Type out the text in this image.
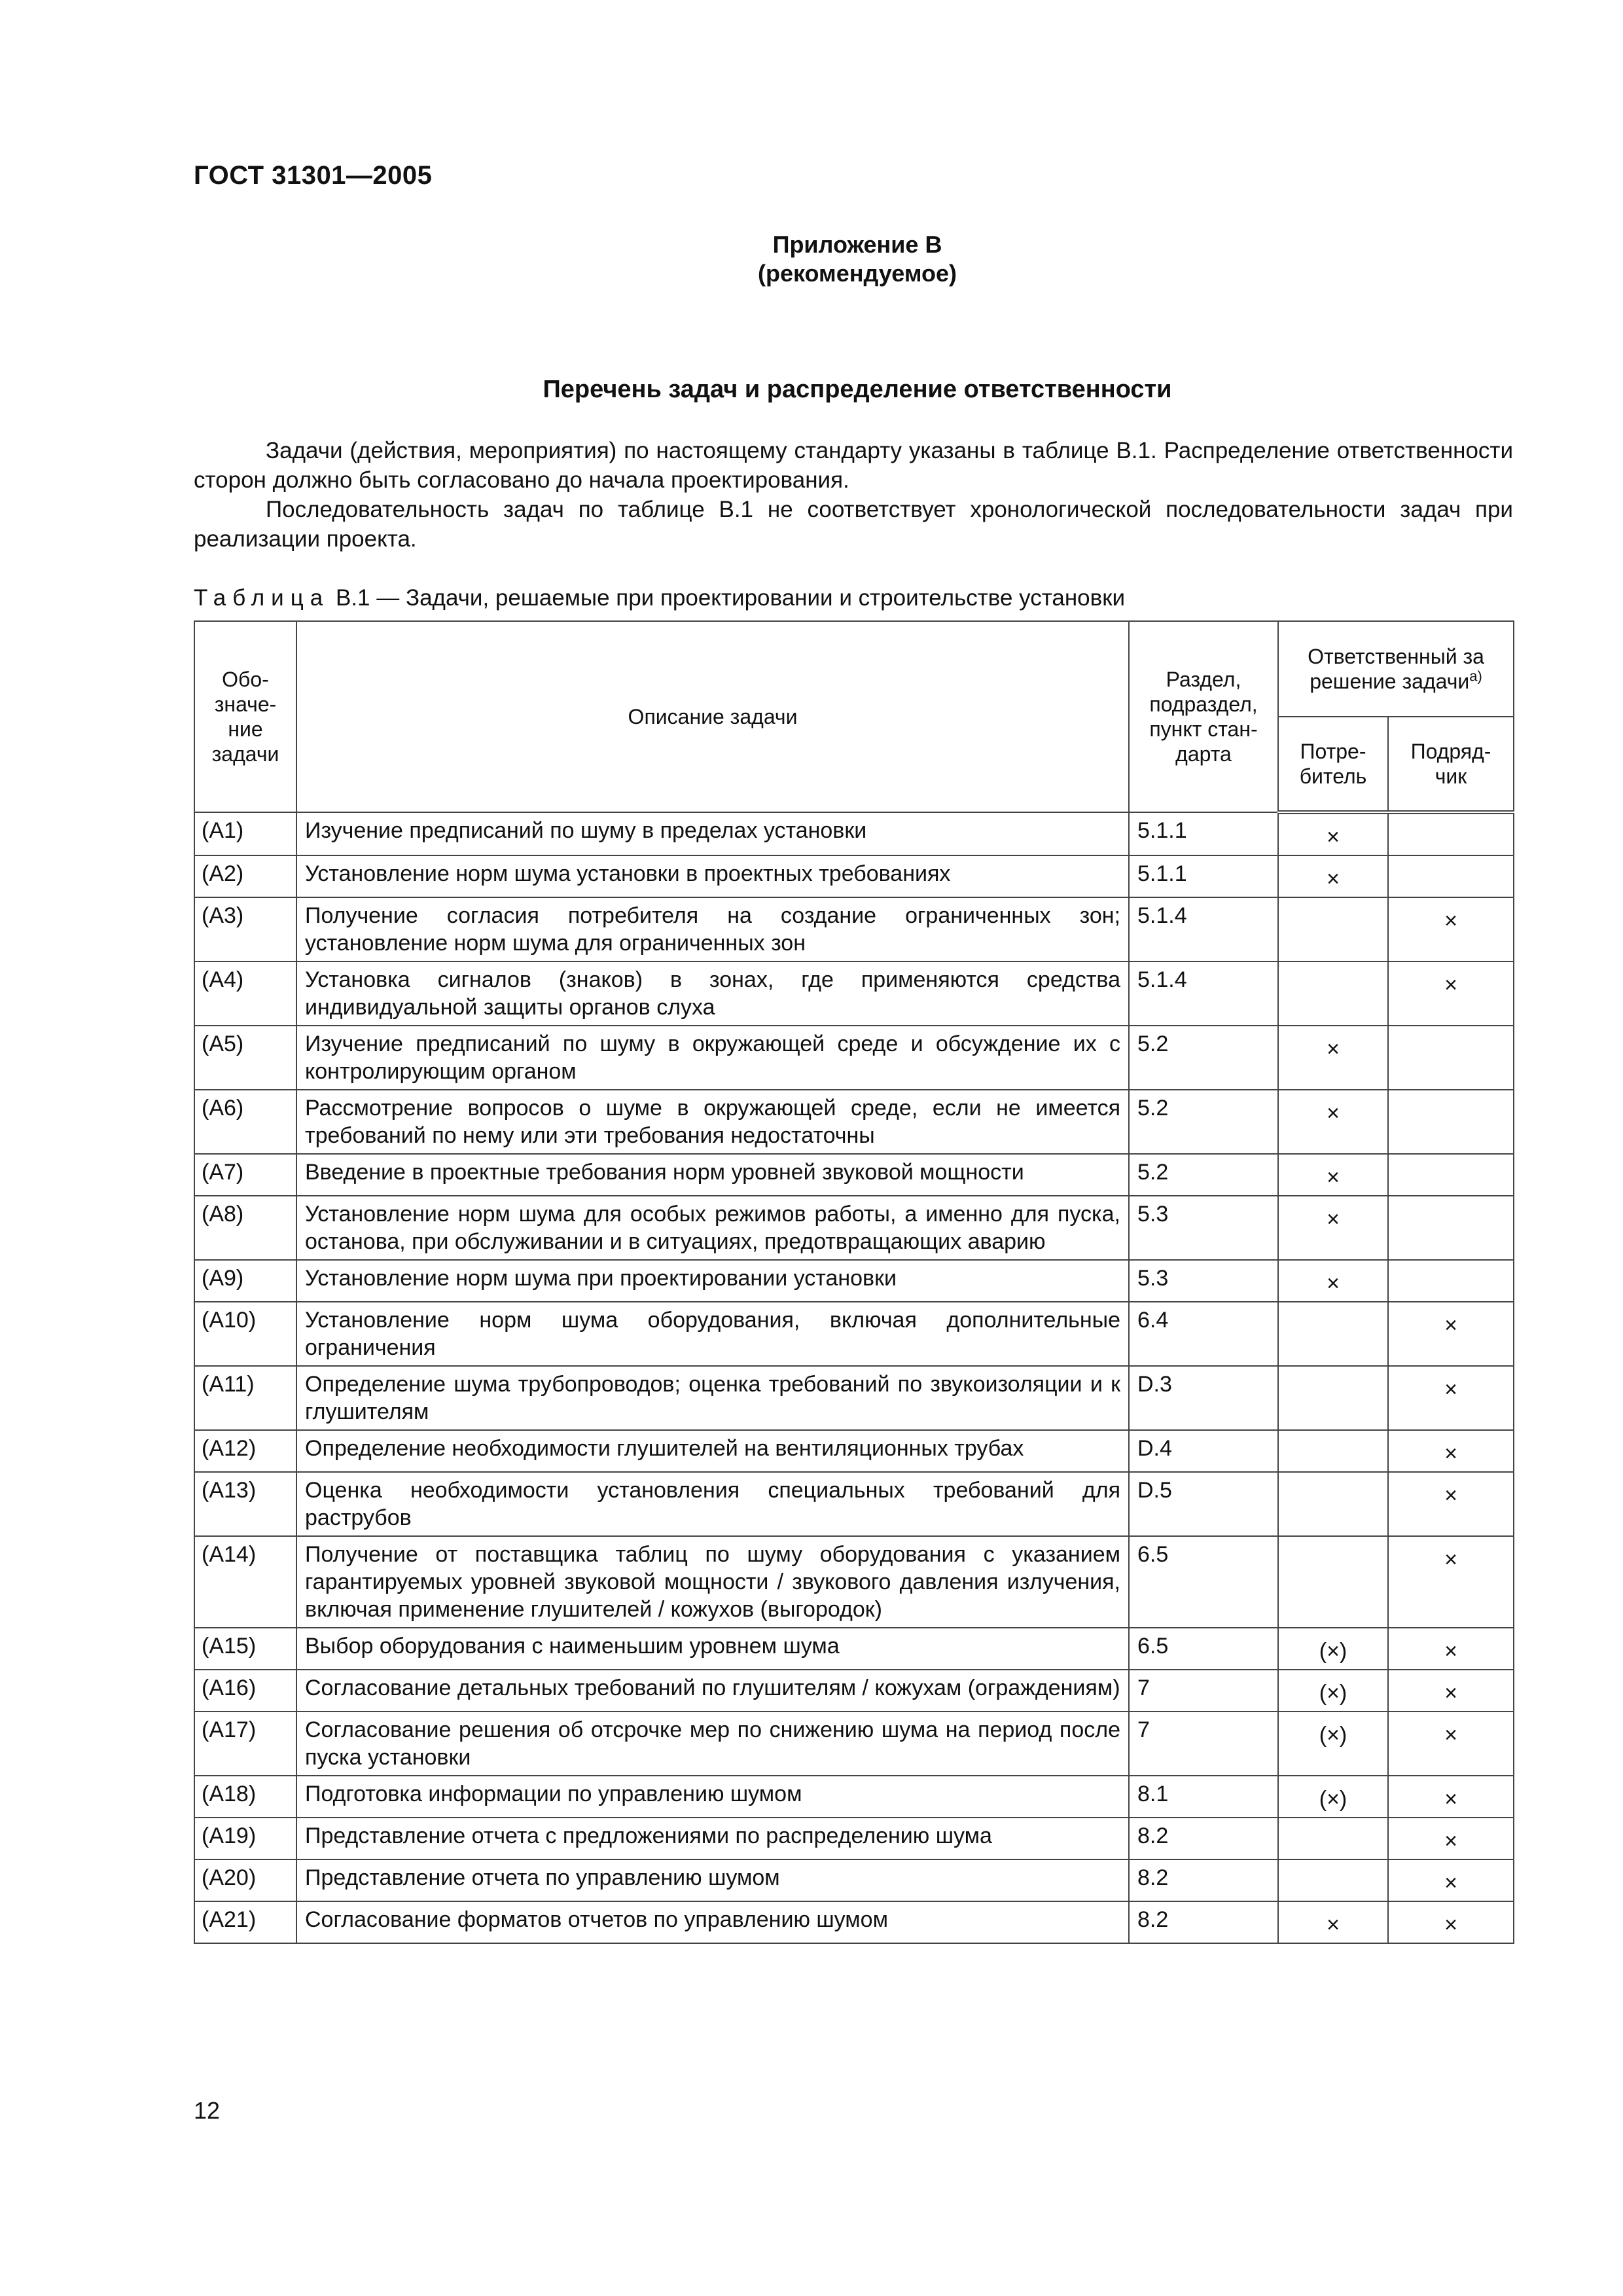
ГОСТ 31301—2005
Приложение В
(рекомендуемое)
Перечень задач и распределение ответственности

Задачи (действия, мероприятия) по настоящему стандарту указаны в таблице В.1. Распределение ответственности сторон должно быть согласовано до начала проектирования.

Последовательность задач по таблице В.1 не соответствует хронологической последовательности задач при реализации проекта.

Таблица В.1 — Задачи, решаемые при проектировании и строительстве установки
Обо-значе-ние задачи	Описание задачи	Раздел, подраздел, пункт стан-дарта	Ответственный за решение задачи$^{а)}$
			Потре-битель	Подряд-чик
(A1)	Изучение предписаний по шуму в пределах установки	5.1.1	×	
(A2)	Установление норм шума установки в проектных требованиях	5.1.1	×	
(A3)	Получение согласия потребителя на создание ограниченных зон; установление норм шума для ограниченных зон	5.1.4		×
(A4)	Установка сигналов (знаков) в зонах, где применяются средства индивидуальной защиты органов слуха	5.1.4		×
(A5)	Изучение предписаний по шуму в окружающей среде и обсуждение их с контролирующим органом	5.2	×	
(A6)	Рассмотрение вопросов о шуме в окружающей среде, если не имеется требований по нему или эти требования недостаточны	5.2	×	
(A7)	Введение в проектные требования норм уровней звуковой мощности	5.2	×	
(A8)	Установление норм шума для особых режимов работы, а именно для пуска, останова, при обслуживании и в ситуациях, предотвращающих аварию	5.3	×	
(A9)	Установление норм шума при проектировании установки	5.3	×	
(A10)	Установление норм шума оборудования, включая дополнительные ограничения	6.4		×
(A11)	Определение шума трубопроводов; оценка требований по звукоизоляции и к глушителям	D.3		×
(A12)	Определение необходимости глушителей на вентиляционных трубах	D.4		×
(A13)	Оценка необходимости установления специальных требований для раструбов	D.5		×
(A14)	Получение от поставщика таблиц по шуму оборудования с указанием гарантируемых уровней звуковой мощности / звукового давления излучения, включая применение глушителей / кожухов (выгородок)	6.5		×
(A15)	Выбор оборудования с наименьшим уровнем шума	6.5	(×)	×
(A16)	Согласование детальных требований по глушителям / кожухам (ограждениям)	7	(×)	×
(A17)	Согласование решения об отсрочке мер по снижению шума на период после пуска установки	7	(×)	×
(A18)	Подготовка информации по управлению шумом	8.1	(×)	×
(A19)	Представление отчета с предложениями по распределению шума	8.2		×
(A20)	Представление отчета по управлению шумом	8.2		×
(A21)	Согласование форматов отчетов по управлению шумом	8.2	×	×
12
